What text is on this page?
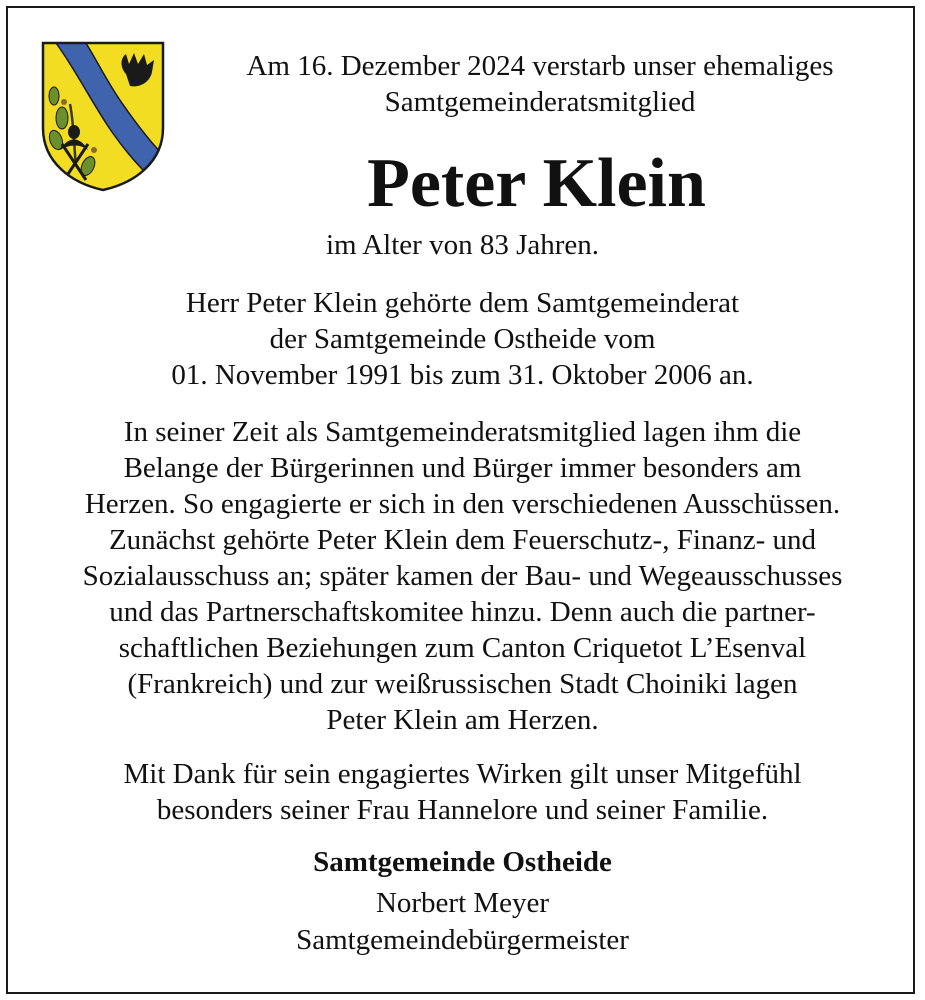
Am 16. Dezember 2024 verstarb unser ehemaliges
Samtgemeinderatsmitglied
Peter Klein
im Alter von 83 Jahren.
Herr Peter Klein gehörte dem Samtgemeinderat
der Samtgemeinde Ostheide vom
01. November 1991 bis zum 31. Oktober 2006 an.
In seiner Zeit als Samtgemeinderatsmitglied lagen ihm die
Belange der Bürgerinnen und Bürger immer besonders am
Herzen. So engagierte er sich in den verschiedenen Ausschüssen.
Zunächst gehörte Peter Klein dem Feuerschutz-, Finanz- und
Sozialausschuss an; später kamen der Bau- und Wegeausschusses
und das Partnerschaftskomitee hinzu. Denn auch die partner-
schaftlichen Beziehungen zum Canton Criquetot L’Esenval
(Frankreich) und zur weißrussischen Stadt Choiniki lagen
Peter Klein am Herzen.
Mit Dank für sein engagiertes Wirken gilt unser Mitgefühl
besonders seiner Frau Hannelore und seiner Familie.
Samtgemeinde Ostheide
Norbert Meyer
Samtgemeindebürgermeister
